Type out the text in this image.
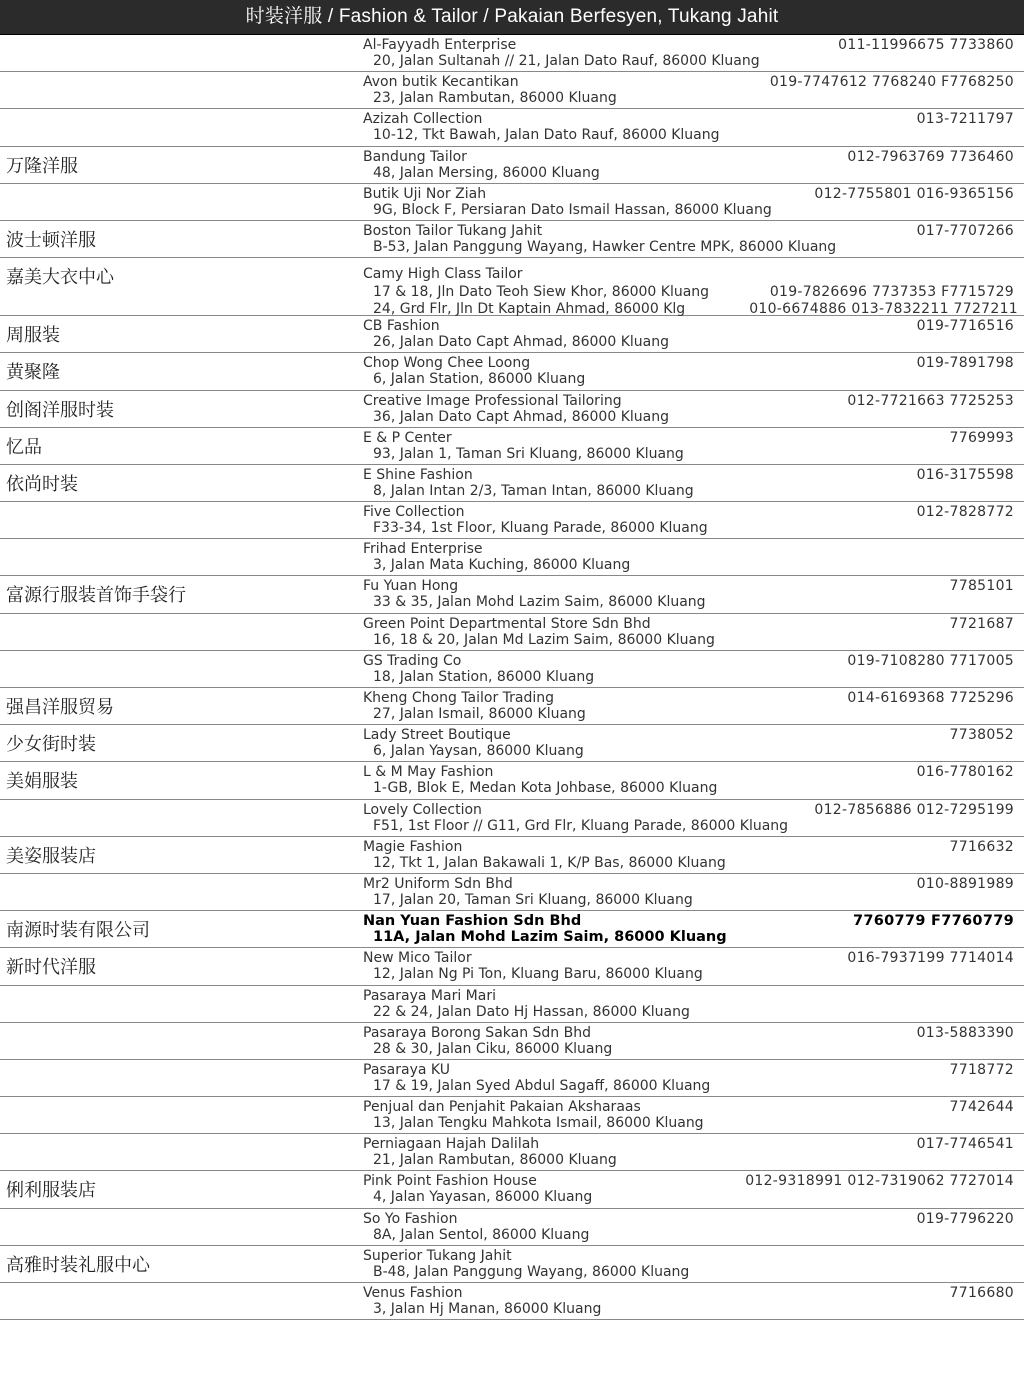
时装洋服 / Fashion & Tailor / Pakaian Berfesyen, Tukang Jahit
Al-Fayyadh Enterprise
20, Jalan Sultanah // 21, Jalan Dato Rauf, 86000 Kluang
011-11996675 7733860
Avon butik Kecantikan
23, Jalan Rambutan, 86000 Kluang
019-7747612 7768240 F7768250
Azizah Collection
10-12, Tkt Bawah, Jalan Dato Rauf, 86000 Kluang
013-7211797
万隆洋服	Bandung Tailor
48, Jalan Mersing, 86000 Kluang
012-7963769 7736460
Butik Uji Nor Ziah
9G, Block F, Persiaran Dato Ismail Hassan, 86000 Kluang
012-7755801 016-9365156
波士顿洋服	Boston Tailor Tukang Jahit
B-53, Jalan Panggung Wayang, Hawker Centre MPK, 86000 Kluang
017-7707266
嘉美大衣中心	Camy High Class Tailor
17 & 18, Jln Dato Teoh Siew Khor, 86000 Kluang	019-7826696 7737353 F7715729
24, Grd Flr, Jln Dt Kaptain Ahmad, 86000 Klg	010-6674886 013-7832211 7727211
周服装	CB Fashion
26, Jalan Dato Capt Ahmad, 86000 Kluang
019-7716516
黄聚隆	Chop Wong Chee Loong
6, Jalan Station, 86000 Kluang
019-7891798
创阁洋服时装	Creative Image Professional Tailoring
36, Jalan Dato Capt Ahmad, 86000 Kluang
012-7721663 7725253
忆品	E & P Center
93, Jalan 1, Taman Sri Kluang, 86000 Kluang
7769993
依尚时装	E Shine Fashion
8, Jalan Intan 2/3, Taman Intan, 86000 Kluang
016-3175598
Five Collection
F33-34, 1st Floor, Kluang Parade, 86000 Kluang
012-7828772
Frihad Enterprise
3, Jalan Mata Kuching, 86000 Kluang
富源行服装首饰手袋行	Fu Yuan Hong
33 & 35, Jalan Mohd Lazim Saim, 86000 Kluang
7785101
Green Point Departmental Store Sdn Bhd
16, 18 & 20, Jalan Md Lazim Saim, 86000 Kluang
7721687
GS Trading Co
18, Jalan Station, 86000 Kluang
019-7108280 7717005
强昌洋服贸易	Kheng Chong Tailor Trading
27, Jalan Ismail, 86000 Kluang
014-6169368 7725296
少女街时装	Lady Street Boutique
6, Jalan Yaysan, 86000 Kluang
7738052
美娟服装	L & M May Fashion
1-GB, Blok E, Medan Kota Johbase, 86000 Kluang
016-7780162
Lovely Collection
F51, 1st Floor // G11, Grd Flr, Kluang Parade, 86000 Kluang
012-7856886 012-7295199
美姿服装店	Magie Fashion
12, Tkt 1, Jalan Bakawali 1, K/P Bas, 86000 Kluang
7716632
Mr2 Uniform Sdn Bhd
17, Jalan 20, Taman Sri Kluang, 86000 Kluang
010-8891989
南源时装有限公司	Nan Yuan Fashion Sdn Bhd
11A, Jalan Mohd Lazim Saim, 86000 Kluang
7760779 F7760779
新时代洋服	New Mico Tailor
12, Jalan Ng Pi Ton, Kluang Baru, 86000 Kluang
016-7937199 7714014
Pasaraya Mari Mari
22 & 24, Jalan Dato Hj Hassan, 86000 Kluang
Pasaraya Borong Sakan Sdn Bhd
28 & 30, Jalan Ciku, 86000 Kluang
013-5883390
Pasaraya KU
17 & 19, Jalan Syed Abdul Sagaff, 86000 Kluang
7718772
Penjual dan Penjahit Pakaian Aksharaas
13, Jalan Tengku Mahkota Ismail, 86000 Kluang
7742644
Perniagaan Hajah Dalilah
21, Jalan Rambutan, 86000 Kluang
017-7746541
俐利服装店	Pink Point Fashion House
4, Jalan Yayasan, 86000 Kluang
012-9318991 012-7319062 7727014
So Yo Fashion
8A, Jalan Sentol, 86000 Kluang
019-7796220
高雅时装礼服中心	Superior Tukang Jahit
B-48, Jalan Panggung Wayang, 86000 Kluang
Venus Fashion
3, Jalan Hj Manan, 86000 Kluang
7716680
